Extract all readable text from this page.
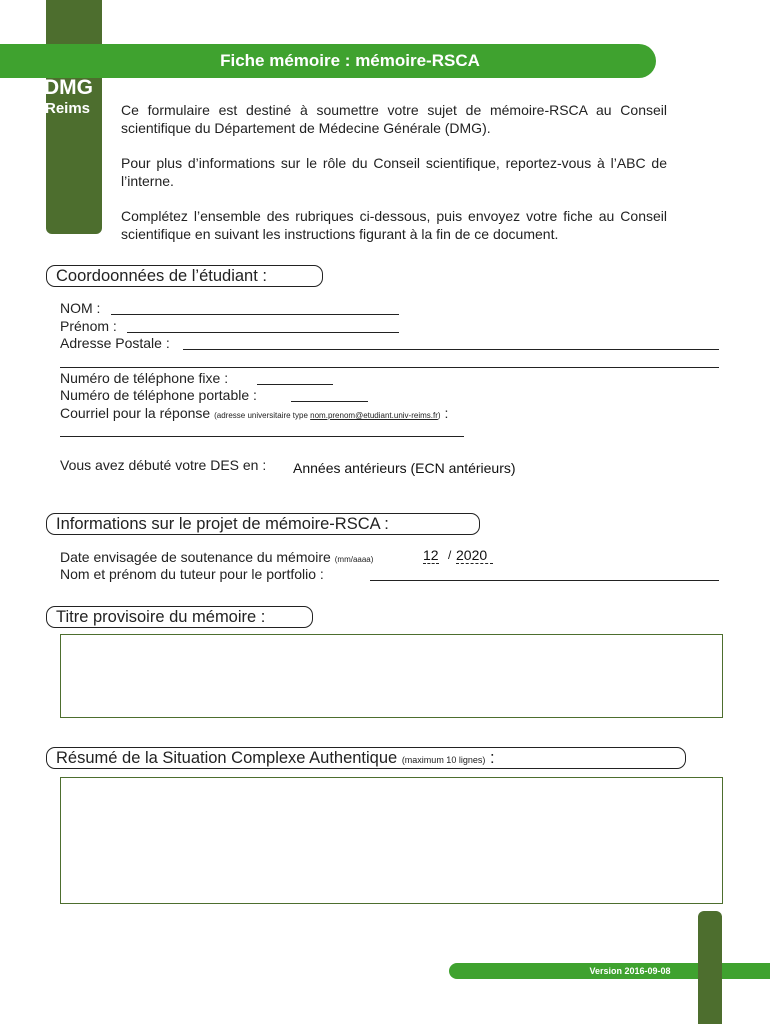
Fiche mémoire : mémoire-RSCA
DMG
Reims Ce formulaire est destiné à soumettre votre sujet de mémoire-RSCA au Conseil scientifique du Département de Médecine Générale (DMG).
Pour plus d’informations sur le rôle du Conseil scientifique, reportez-vous à l’ABC de l’interne.
Complétez l’ensemble des rubriques ci-dessous, puis envoyez votre fiche au Conseil scientifique en suivant les instructions figurant à la fin de ce document.
Coordoonnées de l’étudiant :
NOM :
Prénom :
Adresse Postale :
Numéro de téléphone fixe :
Numéro de téléphone portable :
Courriel pour la réponse (adresse universitaire type nom.prenom@etudiant.univ-reims.fr) :
Vous avez débuté votre DES en : Années antérieurs (ECN antérieurs)
Informations sur le projet de mémoire-RSCA :
Date envisagée de soutenance du mémoire (mm/aaaa)	12 / 2020
Nom et prénom du tuteur pour le portfolio :
Titre provisoire du mémoire :
Résumé de la Situation Complexe Authentique (maximum 10 lignes) :
Version 2016-09-08
